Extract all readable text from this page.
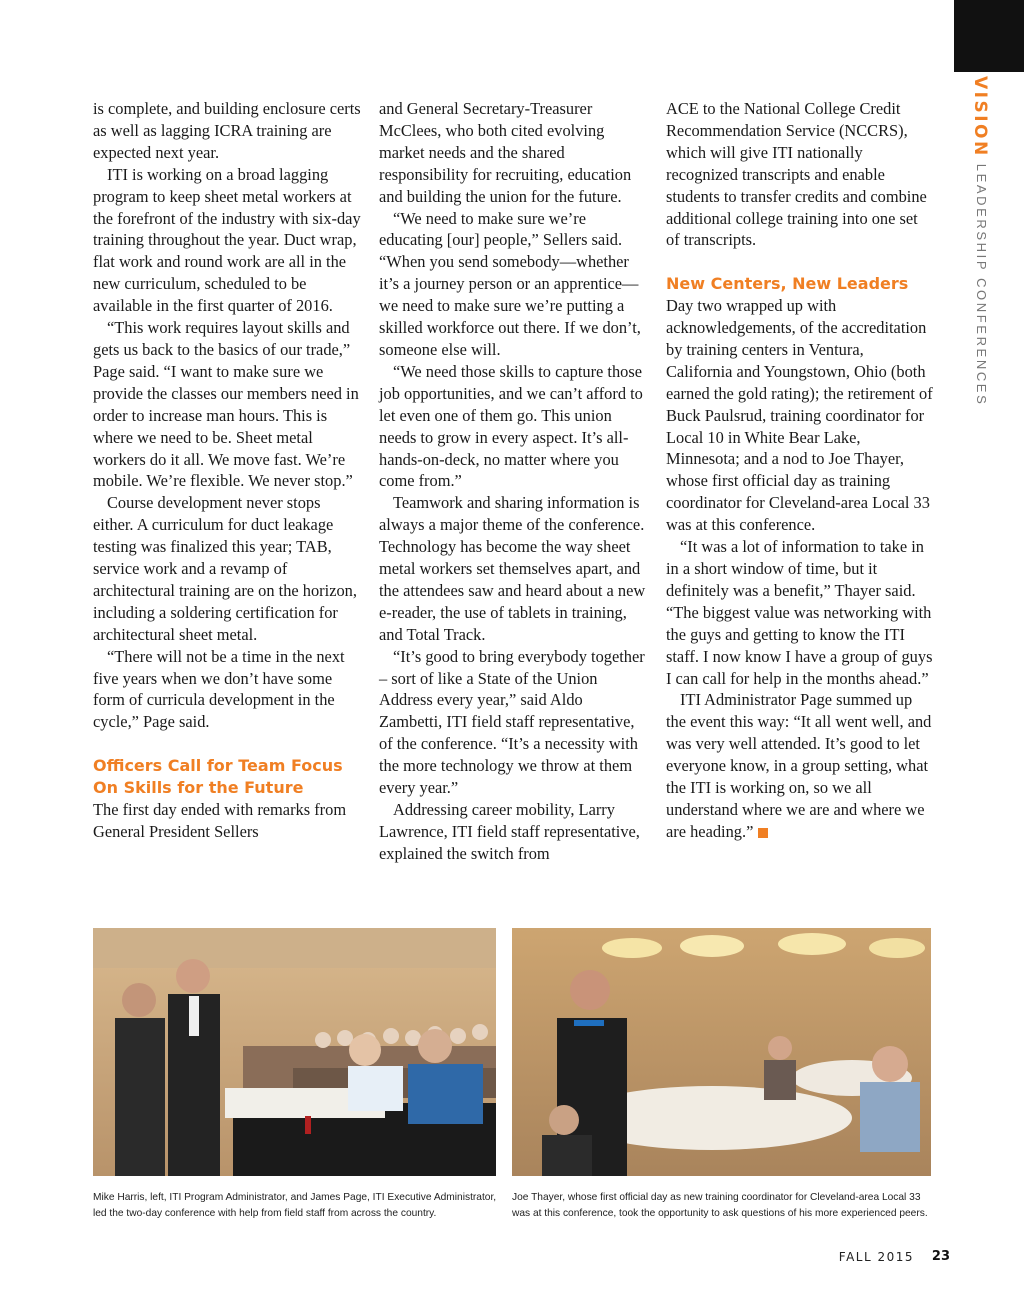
VISIONLEADERSHIP CONFERENCES

is complete, and building enclosure certs as well as lagging ICRA training are expected next year.

ITI is working on a broad lagging program to keep sheet metal workers at the forefront of the industry with six-day training throughout the year. Duct wrap, flat work and round work are all in the new curriculum, scheduled to be available in the first quarter of 2016.

“This work requires layout skills and gets us back to the basics of our trade,” Page said. “I want to make sure we provide the classes our members need in order to increase man hours. This is where we need to be. Sheet metal workers do it all. We move fast. We’re mobile. We’re flexible. We never stop.”

Course development never stops either. A curriculum for duct leakage testing was finalized this year; TAB, service work and a revamp of architectural training are on the horizon, including a soldering certification for architectural sheet metal.

“There will not be a time in the next five years when we don’t have some form of curricula development in the cycle,” Page said.

Officers Call for Team Focus On Skills for the Future

The first day ended with remarks from General President Sellers

and General Secretary-Treasurer McClees, who both cited evolving market needs and the shared responsibility for recruiting, education and building the union for the future.

“We need to make sure we’re educating [our] people,” Sellers said. “When you send somebody—whether it’s a journey person or an apprentice—we need to make sure we’re putting a skilled workforce out there. If we don’t, someone else will.

“We need those skills to capture those job opportunities, and we can’t afford to let even one of them go. This union needs to grow in every aspect. It’s all-hands-on-deck, no matter where you come from.”

Teamwork and sharing information is always a major theme of the conference. Technology has become the way sheet metal workers set themselves apart, and the attendees saw and heard about a new e-reader, the use of tablets in training, and Total Track.

“It’s good to bring everybody together – sort of like a State of the Union Address every year,” said Aldo Zambetti, ITI field staff representative, of the conference. “It’s a necessity with the more technology we throw at them every year.”

Addressing career mobility, Larry Lawrence, ITI field staff representative, explained the switch from

ACE to the National College Credit Recommendation Service (NCCRS), which will give ITI nationally recognized transcripts and enable students to transfer credits and combine additional college training into one set of transcripts.

New Centers, New Leaders

Day two wrapped up with acknowledgements, of the accreditation by training centers in Ventura, California and Youngstown, Ohio (both earned the gold rating); the retirement of Buck Paulsrud, training coordinator for Local 10 in White Bear Lake, Minnesota; and a nod to Joe Thayer, whose first official day as training coordinator for Cleveland-area Local 33 was at this conference.

“It was a lot of information to take in in a short window of time, but it definitely was a benefit,” Thayer said. “The biggest value was networking with the guys and getting to know the ITI staff. I now know I have a group of guys I can call for help in the months ahead.”

ITI Administrator Page summed up the event this way: “It all went well, and was very well attended. It’s good to let everyone know, in a group setting, what the ITI is working on, so we all understand where we are and where we are heading.”

Mike Harris, left, ITI Program Administrator, and James Page, ITI Executive Administrator, led the two-day conference with help from field staff from across the country.
Joe Thayer, whose first official day as new training coordinator for Cleveland-area Local 33 was at this conference, took the opportunity to ask questions of his more experienced peers.
FALL 2015 23
